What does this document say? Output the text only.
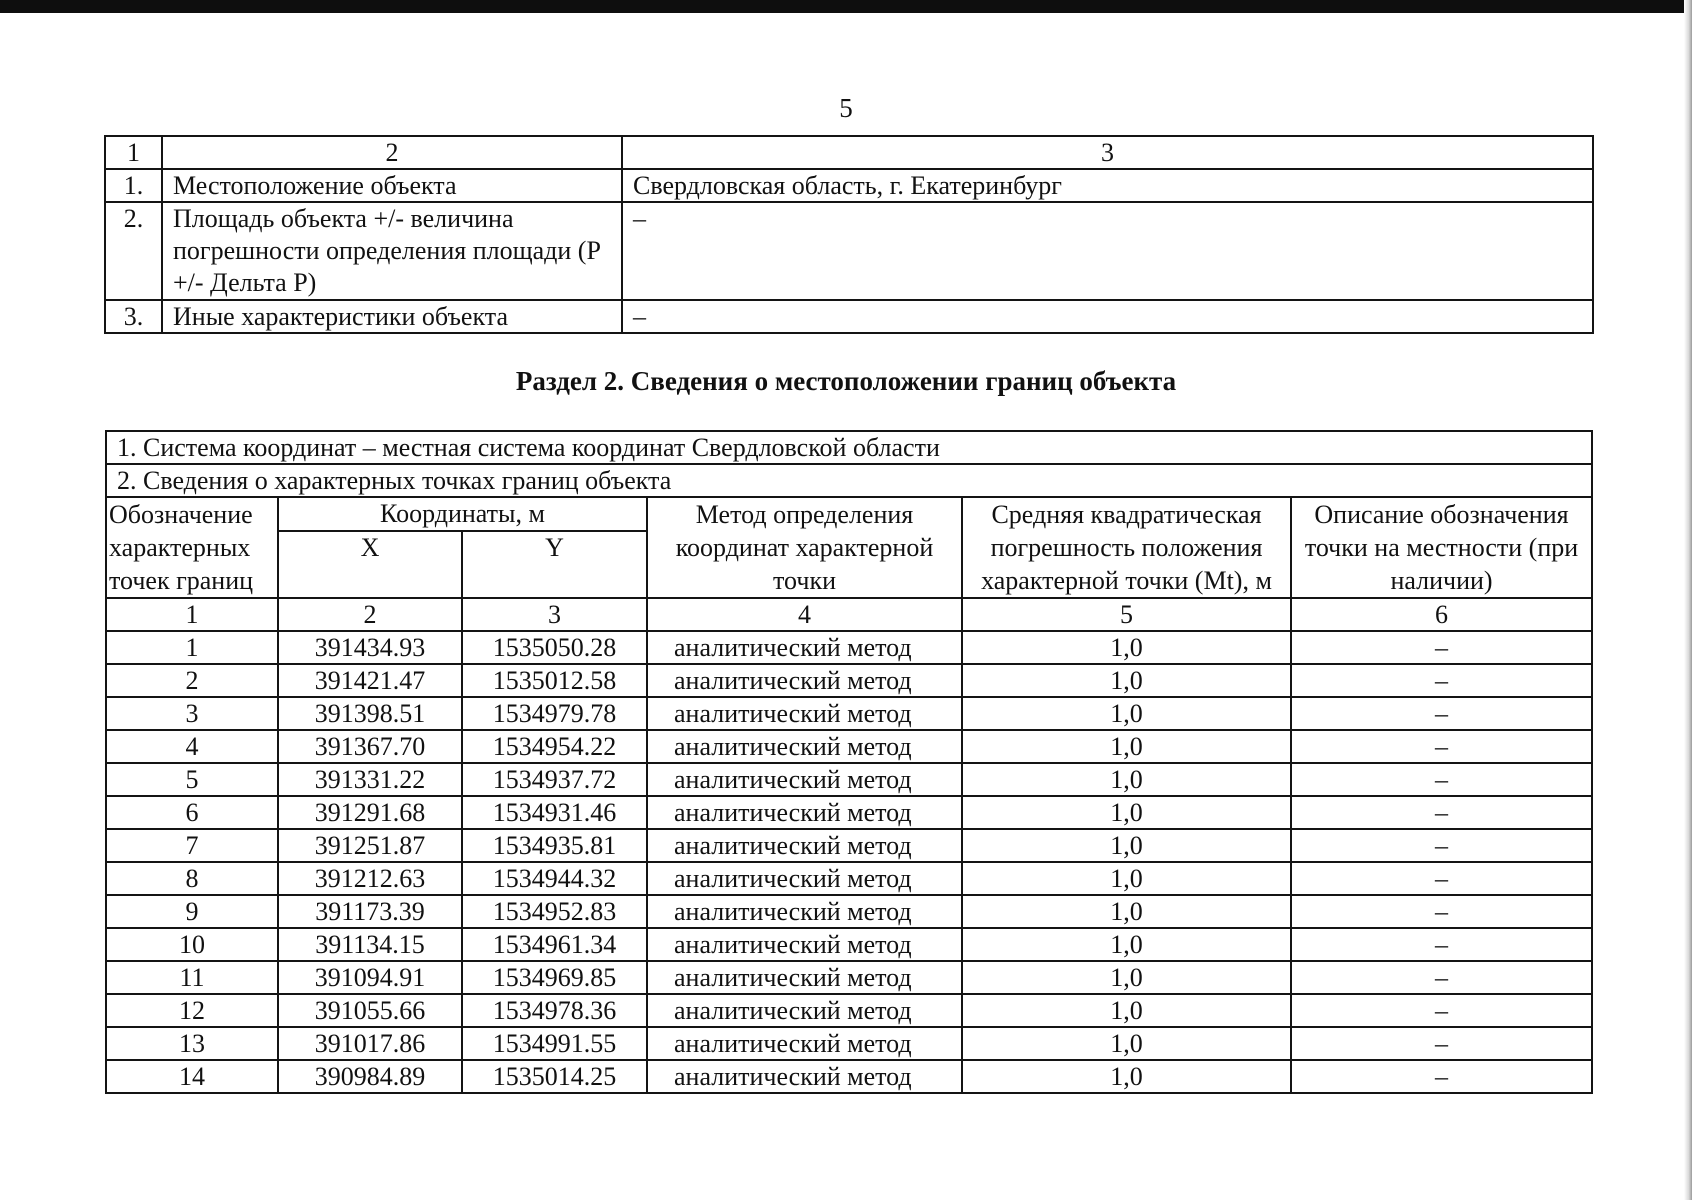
5
1	2	3
1.	Местоположение объекта	Свердловская область, г. Екатеринбург
2.	Площадь объекта +/- величина погрешности определения площади (Р +/- Дельта Р)	–
3.	Иные характеристики объекта	–
Раздел 2. Сведения о местоположении границ объекта
1. Система координат – местная система координат Свердловской области					
2. Сведения о характерных точках границ объекта					
Обозначение характерных точек границ	Координаты, м		Метод определения координат характерной точки	Средняя квадратическая погрешность положения характерной точки (Mt), м	Описание обозначения точки на местности (при наличии)
	X	Y			
1	2	3	4	5	6
1	391434.93	1535050.28	аналитический метод	1,0	–
2	391421.47	1535012.58	аналитический метод	1,0	–
3	391398.51	1534979.78	аналитический метод	1,0	–
4	391367.70	1534954.22	аналитический метод	1,0	–
5	391331.22	1534937.72	аналитический метод	1,0	–
6	391291.68	1534931.46	аналитический метод	1,0	–
7	391251.87	1534935.81	аналитический метод	1,0	–
8	391212.63	1534944.32	аналитический метод	1,0	–
9	391173.39	1534952.83	аналитический метод	1,0	–
10	391134.15	1534961.34	аналитический метод	1,0	–
11	391094.91	1534969.85	аналитический метод	1,0	–
12	391055.66	1534978.36	аналитический метод	1,0	–
13	391017.86	1534991.55	аналитический метод	1,0	–
14	390984.89	1535014.25	аналитический метод	1,0	–
